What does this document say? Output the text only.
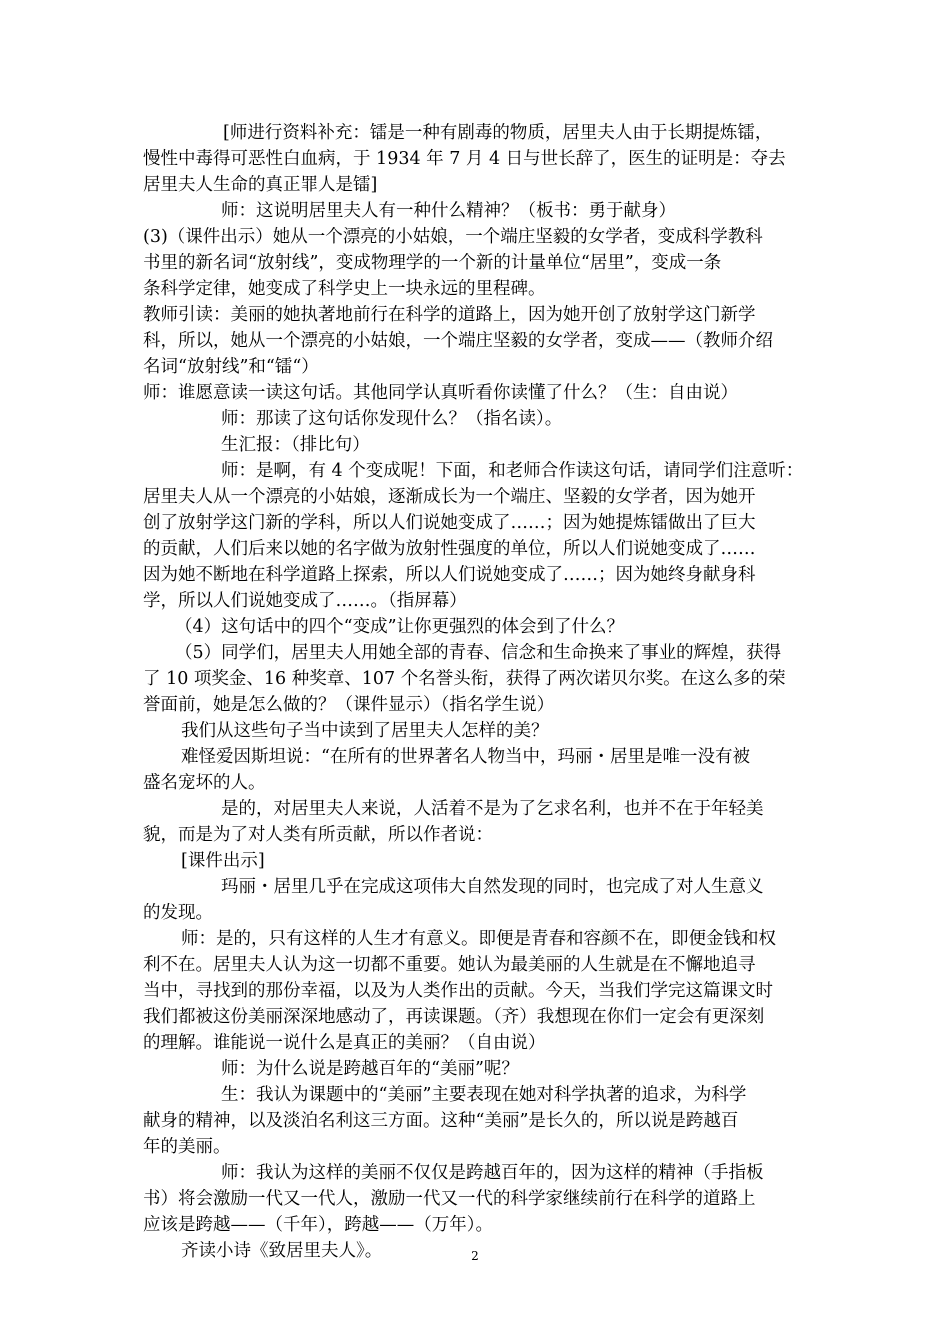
[师进行资料补充：镭是一种有剧毒的物质，居里夫人由于长期提炼镭，
慢性中毒得可恶性白血病，于 1934 年 7 月 4 日与世长辞了，医生的证明是：夺去
居里夫人生命的真正罪人是镭]
师：这说明居里夫人有一种什么精神？（板书：勇于献身）
(3)（课件出示）她从一个漂亮的小姑娘，一个端庄坚毅的女学者，变成科学教科
书里的新名词“放射线”，变成物理学的一个新的计量单位“居里”，变成一条
条科学定律，她变成了科学史上一块永远的里程碑。
教师引读：美丽的她执著地前行在科学的道路上，因为她开创了放射学这门新学
科，所以，她从一个漂亮的小姑娘，一个端庄坚毅的女学者，变成——（教师介绍
名词“放射线”和“镭“）
师：谁愿意读一读这句话。其他同学认真听看你读懂了什么？（生：自由说）
师：那读了这句话你发现什么？（指名读）。
生汇报：（排比句）
师：是啊，有 4 个变成呢！下面，和老师合作读这句话，请同学们注意听：
居里夫人从一个漂亮的小姑娘，逐渐成长为一个端庄、坚毅的女学者，因为她开
创了放射学这门新的学科，所以人们说她变成了……；因为她提炼镭做出了巨大
的贡献，人们后来以她的名字做为放射性强度的单位，所以人们说她变成了……
因为她不断地在科学道路上探索，所以人们说她变成了……；因为她终身献身科
学，所以人们说她变成了……。（指屏幕）
（4）这句话中的四个“变成”让你更强烈的体会到了什么？
（5）同学们，居里夫人用她全部的青春、信念和生命换来了事业的辉煌，获得
了 10 项奖金、16 种奖章、107 个名誉头衔，获得了两次诺贝尔奖。在这么多的荣
誉面前，她是怎么做的？（课件显示）（指名学生说）
我们从这些句子当中读到了居里夫人怎样的美？
难怪爱因斯坦说：“在所有的世界著名人物当中，玛丽・居里是唯一没有被
盛名宠坏的人。
是的，对居里夫人来说，人活着不是为了乞求名利，也并不在于年轻美
貌，而是为了对人类有所贡献，所以作者说：
[课件出示]
玛丽・居里几乎在完成这项伟大自然发现的同时，也完成了对人生意义
的发现。
师：是的，只有这样的人生才有意义。即便是青春和容颜不在，即便金钱和权
利不在。居里夫人认为这一切都不重要。她认为最美丽的人生就是在不懈地追寻
当中，寻找到的那份幸福，以及为人类作出的贡献。今天，当我们学完这篇课文时
我们都被这份美丽深深地感动了，再读课题。（齐）我想现在你们一定会有更深刻
的理解。谁能说一说什么是真正的美丽？（自由说）
师：为什么说是跨越百年的“美丽”呢？
生：我认为课题中的“美丽”主要表现在她对科学执著的追求，为科学
献身的精神，以及淡泊名利这三方面。这种“美丽”是长久的，所以说是跨越百
年的美丽。
师：我认为这样的美丽不仅仅是跨越百年的，因为这样的精神（手指板
书）将会激励一代又一代人，激励一代又一代的科学家继续前行在科学的道路上
应该是跨越——（千年），跨越——（万年）。
齐读小诗《致居里夫人》。	2
